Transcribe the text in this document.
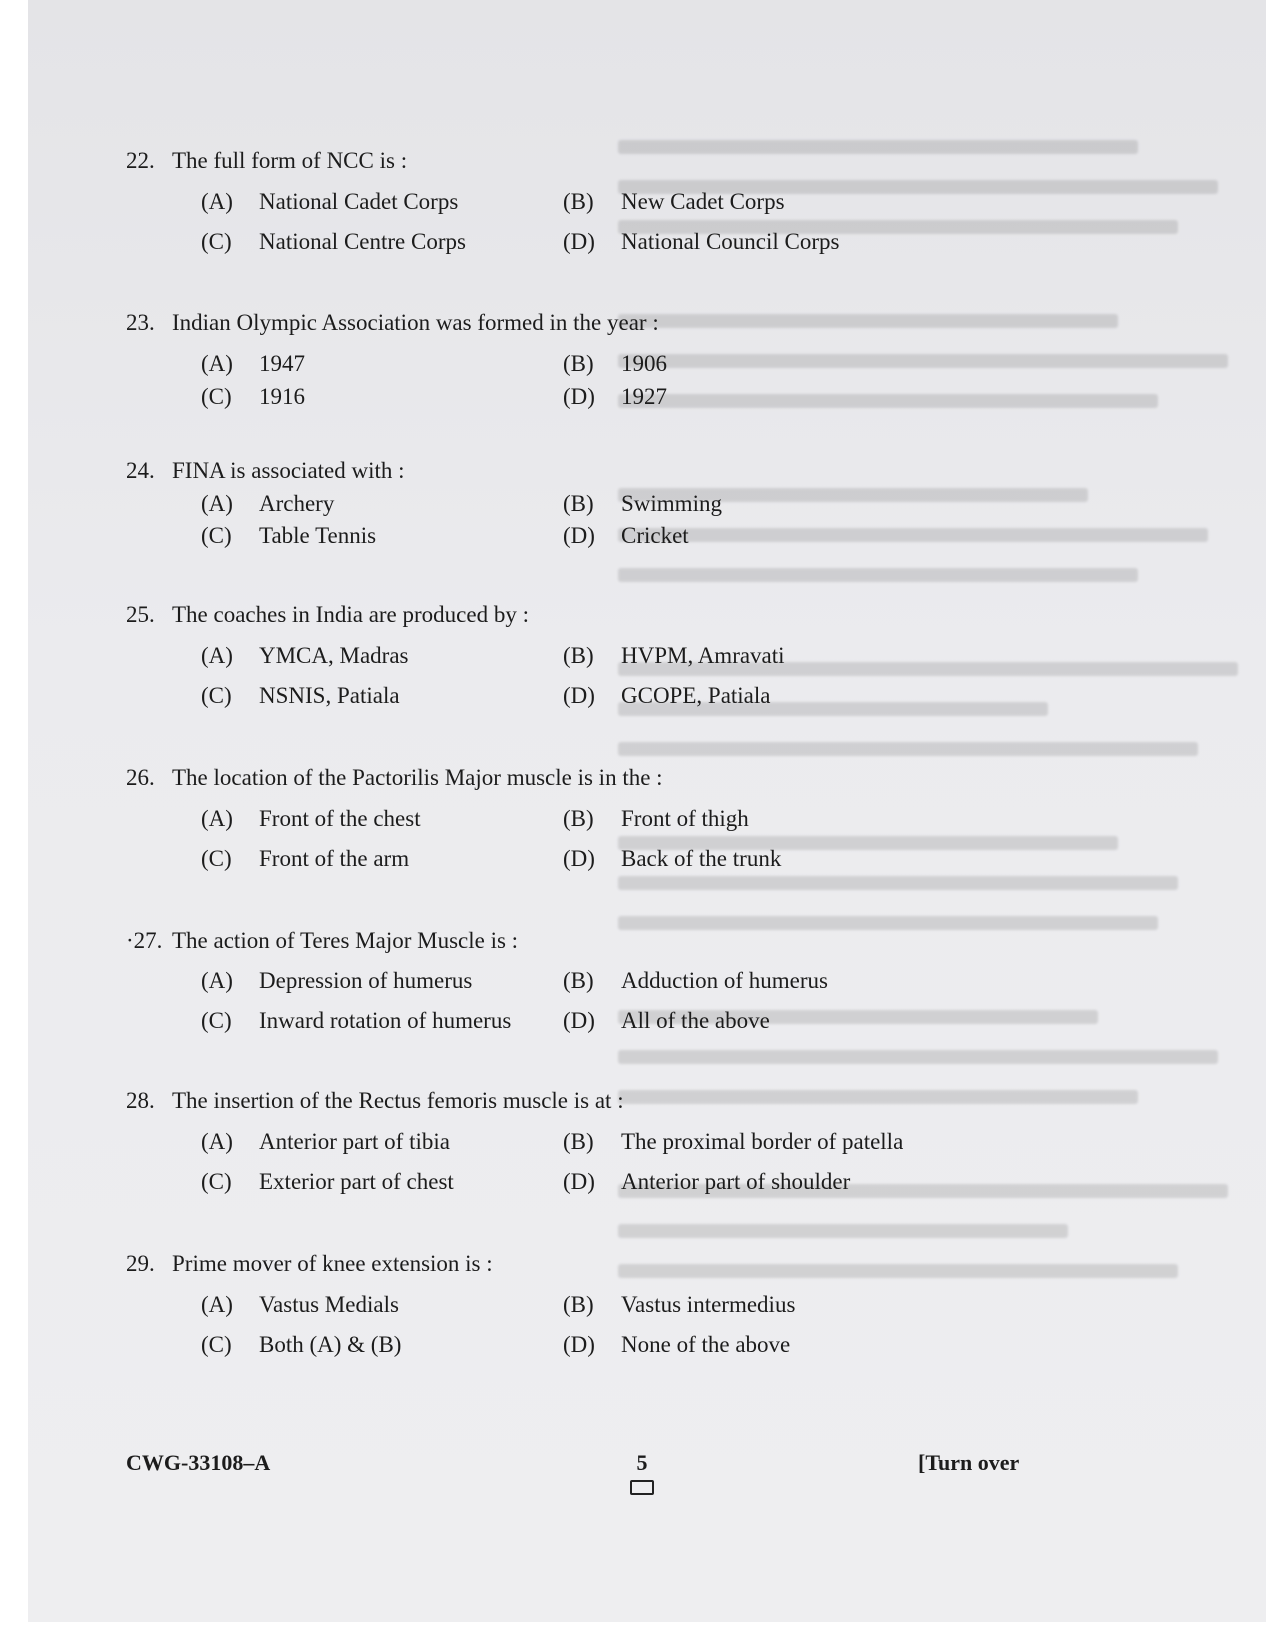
22. The full form of NCC is :
(A) National Cadet Corps	(B) New Cadet Corps
(C) National Centre Corps	(D) National Council Corps
23. Indian Olympic Association was formed in the year :
(A) 1947	(B) 1906
(C) 1916	(D) 1927
24. FINA is associated with :
(A) Archery	(B) Swimming
(C) Table Tennis	(D) Cricket
25. The coaches in India are produced by :
(A) YMCA, Madras	(B) HVPM, Amravati
(C) NSNIS, Patiala	(D) GCOPE, Patiala
26. The location of the Pactorilis Major muscle is in the :
(A) Front of the chest	(B) Front of thigh
(C) Front of the arm	(D) Back of the trunk
·27. The action of Teres Major Muscle is :
(A) Depression of humerus	(B) Adduction of humerus
(C) Inward rotation of humerus (D) All of the above
28. The insertion of the Rectus femoris muscle is at :
(A) Anterior part of tibia	(B) The proximal border of patella
(C) Exterior part of chest	(D) Anterior part of shoulder
29. Prime mover of knee extension is :
(A) Vastus Medials	(B) Vastus intermedius
(C) Both (A) & (B)	(D) None of the above
CWG-33108–A	5	[Turn over
